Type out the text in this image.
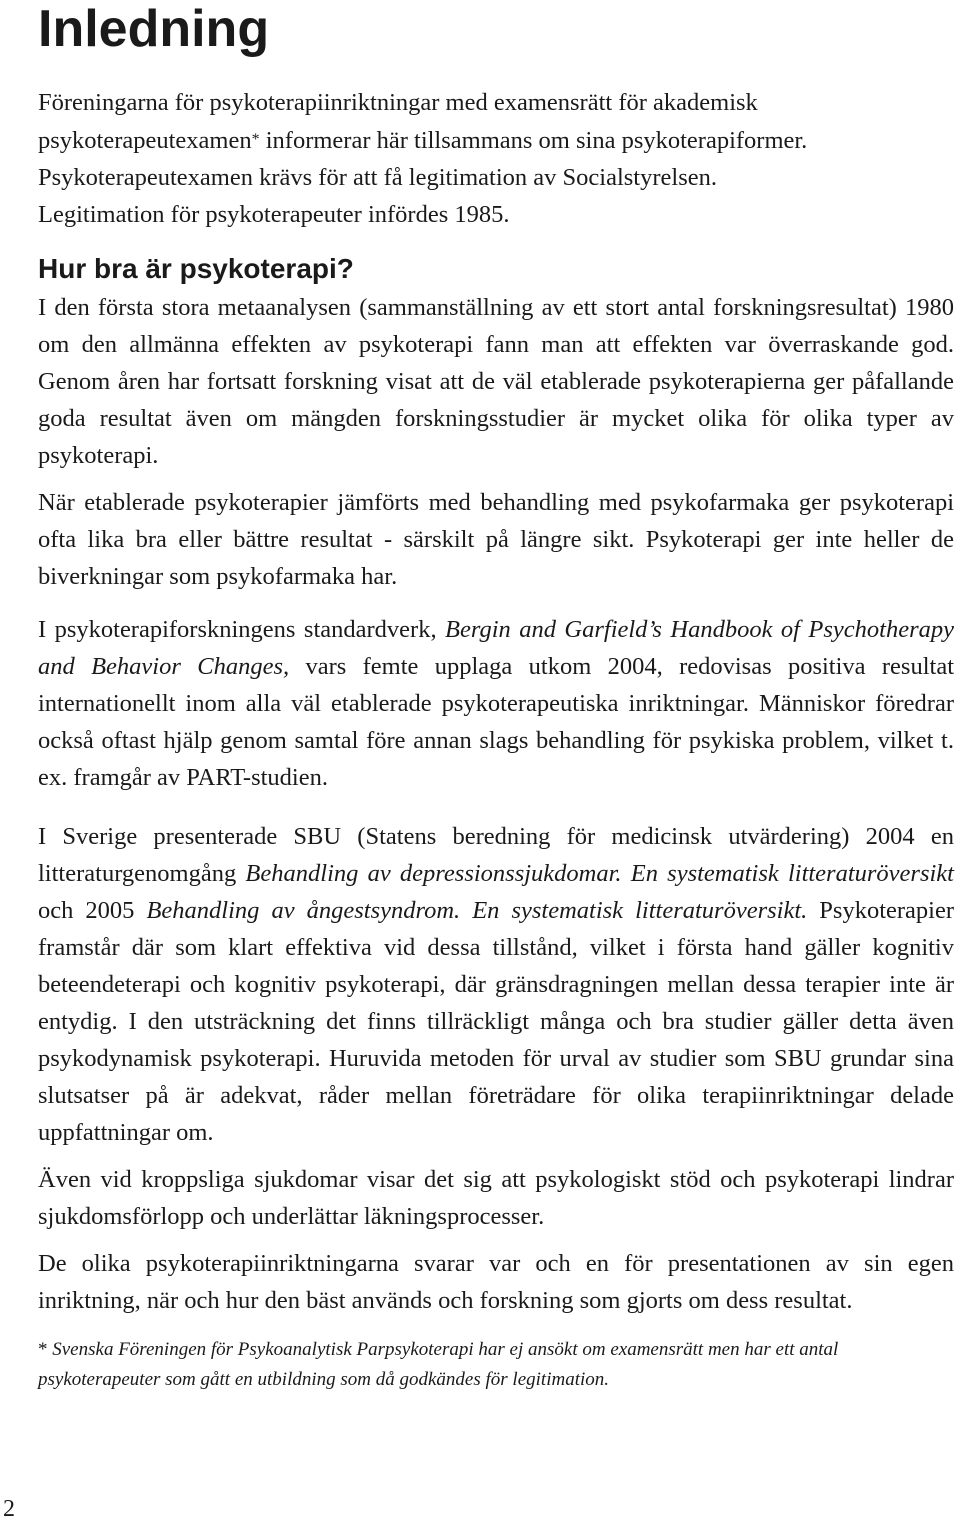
Inledning

Föreningarna för psykoterapiinriktningar med examensrätt för akademisk psykoterapeutexamen* informerar här tillsammans om sina psykoterapiformer.
Psykoterapeutexamen krävs för att få legitimation av Socialstyrelsen.
Legitimation för psykoterapeuter infördes 1985.

Hur bra är psykoterapi?

I den första stora metaanalysen (sammanställning av ett stort antal forskningsresultat) 1980 om den allmänna effekten av psykoterapi fann man att effekten var överraskande god. Genom åren har fortsatt forskning visat att de väl etablerade psykoterapierna ger påfallande goda resultat även om mängden forskningsstudier är mycket olika för olika typer av psykoterapi.

När etablerade psykoterapier jämförts med behandling med psykofarmaka ger psykoterapi ofta lika bra eller bättre resultat - särskilt på längre sikt. Psykoterapi ger inte heller de biverkningar som psykofarmaka har.

I psykoterapiforskningens standardverk, Bergin and Garfield’s Handbook of Psychotherapy and Behavior Changes, vars femte upplaga utkom 2004, redovisas positiva resultat internationellt inom alla väl etablerade psykoterapeutiska inriktningar. Människor föredrar också oftast hjälp genom samtal före annan slags behandling för psykiska problem, vilket t. ex. framgår av PART-studien.

I Sverige presenterade SBU (Statens beredning för medicinsk utvärdering) 2004 en litteraturgenomgång Behandling av depressionssjukdomar. En systematisk litteraturöversikt och 2005 Behandling av ångestsyndrom. En systematisk litteraturöversikt. Psykoterapier framstår där som klart effektiva vid dessa tillstånd, vilket i första hand gäller kognitiv beteendeterapi och kognitiv psykoterapi, där gränsdragningen mellan dessa terapier inte är entydig. I den utsträckning det finns tillräckligt många och bra studier gäller detta även psykodynamisk psykoterapi. Huruvida metoden för urval av studier som SBU grundar sina slutsatser på är adekvat, råder mellan företrädare för olika terapiinriktningar delade uppfattningar om.

Även vid kroppsliga sjukdomar visar det sig att psykologiskt stöd och psykoterapi lindrar sjukdomsförlopp och underlättar läkningsprocesser.

De olika psykoterapiinriktningarna svarar var och en för presentationen av sin egen inriktning, när och hur den bäst används och forskning som gjorts om dess resultat.

* Svenska Föreningen för Psykoanalytisk Parpsykoterapi har ej ansökt om examensrätt men har ett antal psykoterapeuter som gått en utbildning som då godkändes för legitimation.

2
